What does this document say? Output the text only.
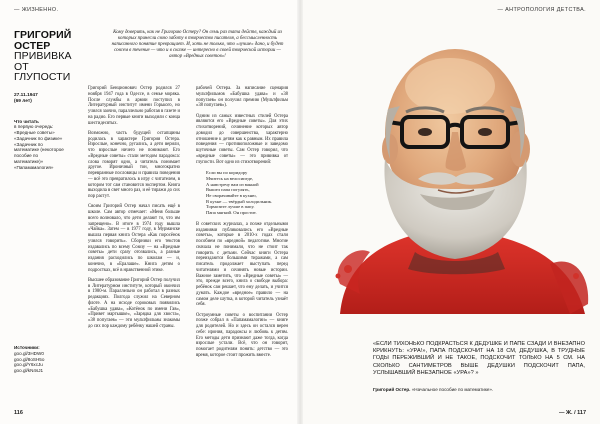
— ЖИЗНЕННО.	— АНТРОПОЛОГИЯ ДЕТСТВА.
ГРИГОРИЙ
ОСТЕР
ПРИВИВКА
ОТ ГЛУПОСТИ
27.11.1947
(69 лет)
Что читать
в первую очередь:
«Вредные советы»
«Задачник по физике»
«Задачник по математике (некоторое пособие по математике)»
«Папамамалогия»
Источники:
goo.gl/3HDW0
goo.gl/8oSH5o
goo.gl/Y6xcJu
goo.gl/kN4sJ1
Кому доверить, как не Григорию Остеру? Он семь раз тата действ, каждый из которых принесли свою заботу в творчество писателя, а бессмысленность написанного понятие превращает. И, хоть не только, что «лучше» дано, и будет совсем в течение — что и в сказке — интересно в своей творческой истории — автор «Вредных советов»!

Григорий Бенционович Остер родился 27 ноября 1947 года в Одессе, в семье моряка. После службы в армии поступил в Литературный институт имени Горького, но учился заочно, параллельно работая в газете и на радио. Его первые книги выходили с конца шестидесятых.

Возможно, часть будущей остапщины родилась в характере Григория Остера. Взрослые, конечно, ругались, а дети верили, что взрослые ничего не понимают. Его «Вредные советы» стали методом парадокса: слова говорят одно, а читатель понимает другое. Ироничный тон, многократно перевранные пословицы и правила поведения — всё это превратилось в игру с читателем, в котором тот сам становится экспертом. Книга выходила в свет много раз, и её тиражи до сих пор растут.

Своим Григорий Остер начал писать ещё в школе. Сам автор отмечает: «Меня больше всего волновало, что дети делают то, что им запрещено». В итоге в 1974 году вышла «Чайка». Затем — в 1977 году, в Мурманске вышла первая книга Остера «Как поросёнок учился говорить». Сборники его текстов издавались по всему Союзу — на «Вредные советы» дети сразу отозвались, а разные издания расходились по школам — и, конечно, в «Ералаше». Книга детям о подростках, всё в нравственной этике.

Высшее образование Григорий Остер получил в Литературном институте, который окончил в 1980-м. Параллельно он работал в разных редакциях. Полгода служил на Северном флоте. А на исходе сороковых появились «Бабушка удава», «Котёнок по имени Гав», «Привет мартышке», «Зарядка для хвоста», «38 попугаев» — эти мультфильмы знакомы до сих пор каждому ребёнку нашей страны.

рабочей Остера. За написание сценария мультфильмов «Бабушка удава» и «38 попугаев» он получил премию (Мультфильм «38 попугаев»).

Одним из самых известных стилей Остера являются его «Вредные советы». Для этих стихотворений, сочинение которых автор доводил до совершенства, характерно отношение к детям как к равным. Их правила поведения — противоположные и заведомо шуточные советы. Сам Остер говорил, что «вредные советы» — это прививка от глупости. Вот одно из стихотворений:

Если вы по коридору
Мчитесь на велосипеде,
А навстречу вам из ванной
Вышел папа погулять,
Не сворачивайте в кухню,
В кухне — твёрдый холодильник.
Тормозите лучше в папу.
Папа мягкий. Он простит.

В советских журналах, а позже отдельными изданиями публиковались его «Вредные советы», которые в 2010-х годах стали пособием по «вредной» педагогике. Многие сначала не понимали, что не стоит так говорить с детьми. Сейчас книги Остера переиздаются большими тиражами, а сам писатель продолжает выступать перед читателями и сочинять новые истории. Важное заметить, что «Вредные советы» — это, прежде всего, книга о свободе выбора: ребёнок сам решает, что ему делать, и учится думать. Каждое «вредное» правило — на самом деле шутка, в которой читатель узнаёт себя.

Остроумные советы о воспитании Остер позже собрал в «Папамамалогии» — книге для родителей. Но и здесь он остался верен себе: ирония, парадоксы и любовь к детям. Его методы дети признают даже тогда, когда взрослые устали. Всё, что он говорит, помогает родителям понять: детство — это время, которое стоит прожить вместе.

«ЕСЛИ ТИХОНЬКО ПОДКРАСТЬСЯ К ДЕДУШКЕ И ПАПЕ СЗАДИ И ВНЕЗАПНО КРИКНУТЬ: «УРА!», ПАПА ПОДСКОЧИТ НА 18 СМ, ДЕДУШКА, В ТРУДНЫЕ ГОДЫ ПЕРЕЖИВШИЙ И НЕ ТАКОЕ, ПОДСКОЧИТ ТОЛЬКО НА 5 СМ. НА СКОЛЬКО САНТИМЕТРОВ ВЫШЕ ДЕДУШКИ ПОДСКОЧИТ ПАПА, УСЛЫШАВШИЙ ВНЕЗАПНОЕ «УРА»? »
Григорий Остер. «Начальное пособие по математике».
116	— Ж. / 117
